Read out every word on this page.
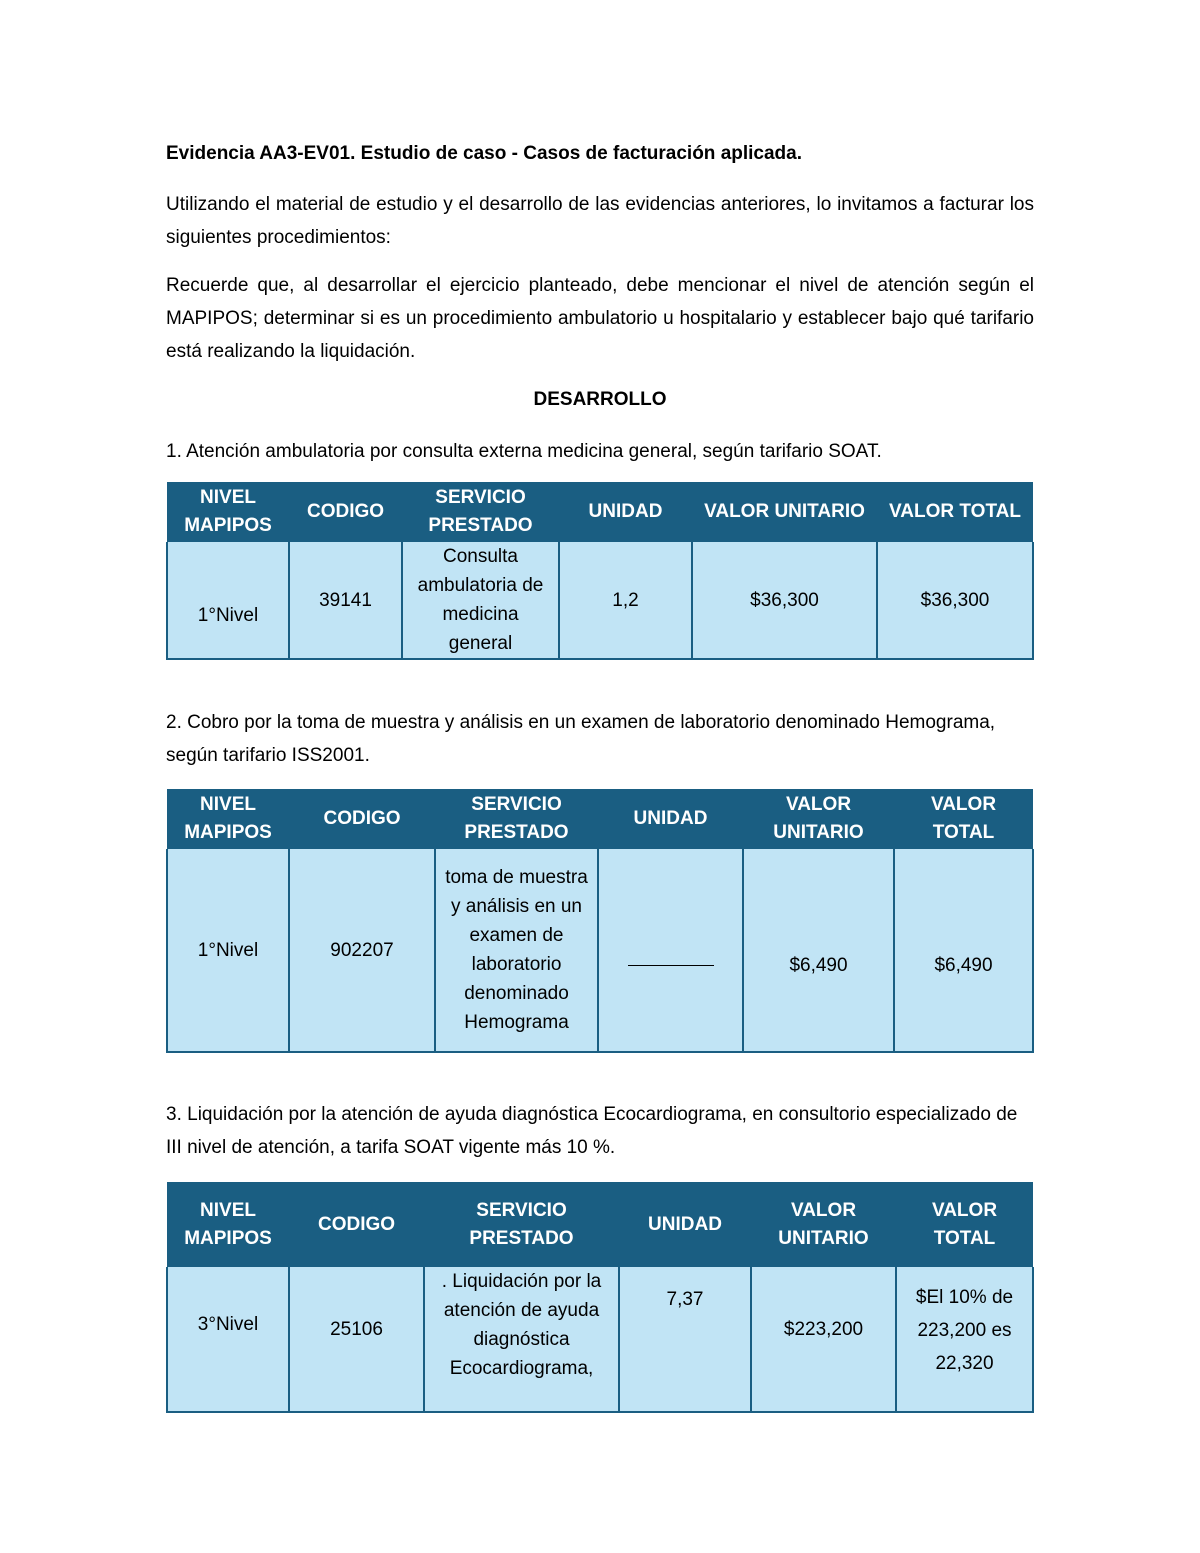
Evidencia AA3-EV01. Estudio de caso - Casos de facturación aplicada.
Utilizando el material de estudio y el desarrollo de las evidencias anteriores, lo invitamos a facturar los siguientes procedimientos:
Recuerde que, al desarrollar el ejercicio planteado, debe mencionar el nivel de atención según el MAPIPOS; determinar si es un procedimiento ambulatorio u hospitalario y establecer bajo qué tarifario está realizando la liquidación.
DESARROLLO
1. Atención ambulatoria por consulta externa medicina general, según tarifario SOAT.
NIVEL MAPIPOS	CODIGO	SERVICIO PRESTADO	UNIDAD	VALOR UNITARIO	VALOR TOTAL
1°Nivel	39141	Consulta ambulatoria de medicina general	1,2	$36,300	$36,300
2. Cobro por la toma de muestra y análisis en un examen de laboratorio denominado Hemograma, según tarifario ISS2001.
NIVEL MAPIPOS	CODIGO	SERVICIO PRESTADO	UNIDAD	VALOR UNITARIO	VALOR TOTAL
1°Nivel	902207	toma de muestra y análisis en un examen de laboratorio denominado Hemograma		$6,490	$6,490
3. Liquidación por la atención de ayuda diagnóstica Ecocardiograma, en consultorio especializado de III nivel de atención, a tarifa SOAT vigente más 10 %.
NIVEL MAPIPOS	CODIGO	SERVICIO PRESTADO	UNIDAD	VALOR UNITARIO	VALOR TOTAL
3°Nivel	25106	. Liquidación por la atención de ayuda diagnóstica Ecocardiograma,	7,37	$223,200	$El 10% de 223,200 es 22,320
